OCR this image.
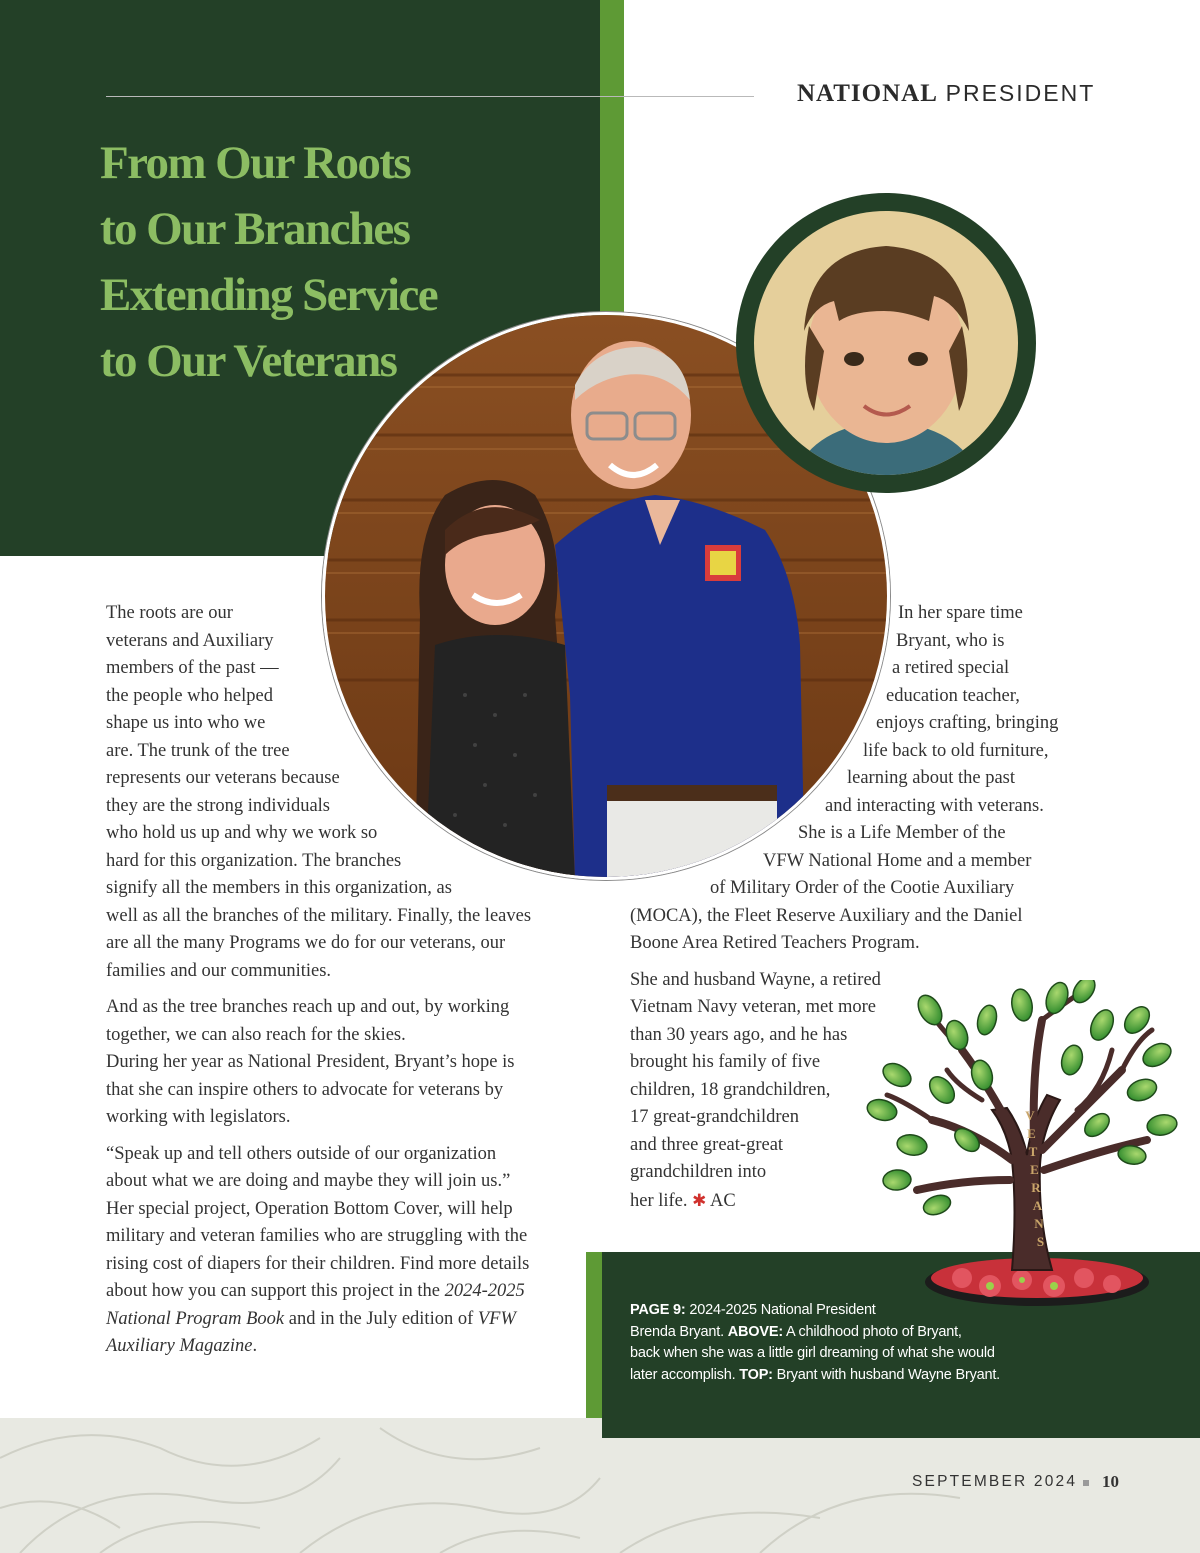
NATIONAL PRESIDENT
From Our Roots
to Our Branches
Extending Service
to Our Veterans

The roots are our
veterans and Auxiliary
members of the past —
the people who helped
shape us into who we
are. The trunk of the tree
represents our veterans because
they are the strong individuals
who hold us up and why we work so
hard for this organization. The branches
signify all the members in this organization, as
well as all the branches of the military. Finally, the leaves
are all the many Programs we do for our veterans, our
families and our communities.

And as the tree branches reach up and out, by working
together, we can also reach for the skies.
During her year as National President, Bryant’s hope is
that she can inspire others to advocate for veterans by
working with legislators.

“Speak up and tell others outside of our organization
about what we are doing and maybe they will join us.”
Her special project, Operation Bottom Cover, will help
military and veteran families who are struggling with the
rising cost of diapers for their children. Find more details
about how you can support this project in the 2024-2025
National Program Book and in the July edition of VFW
Auxiliary Magazine.

In her spare time
Bryant, who is
a retired special
education teacher,
enjoys crafting, bringing
life back to old furniture,
learning about the past
and interacting with veterans.
She is a Life Member of the
VFW National Home and a member
of Military Order of the Cootie Auxiliary
(MOCA), the Fleet Reserve Auxiliary and the Daniel
Boone Area Retired Teachers Program.

She and husband Wayne, a retired
Vietnam Navy veteran, met more
than 30 years ago, and he has
brought his family of five
children, 18 grandchildren,
17 great-grandchildren
and three great-great
grandchildren into
her life. ✱ AC

PAGE 9: 2024-2025 National President
Brenda Bryant. ABOVE: A childhood photo of Bryant,
back when she was a little girl dreaming of what she would
later accomplish. TOP: Bryant with husband Wayne Bryant.
V
E
T
E
R
A
N
S
SEPTEMBER 2024 10
